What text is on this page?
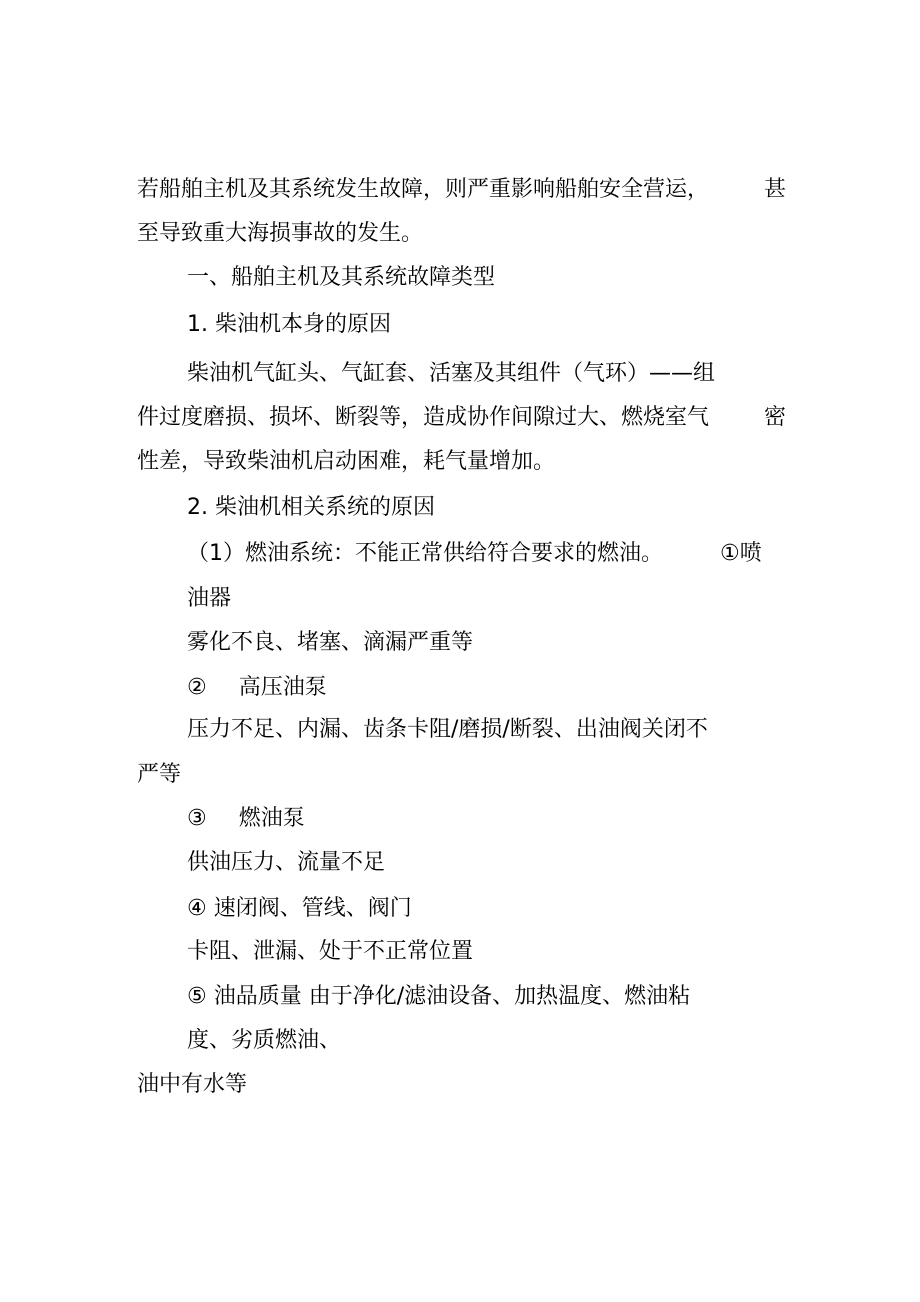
若船舶主机及其系统发生故障，则严重影响船舶安全营运， 甚

至导致重大海损事故的发生。

一、船舶主机及其系统故障类型

1. 柴油机本身的原因

柴油机气缸头、气缸套、活塞及其组件（气环）——组

件过度磨损、损坏、断裂等，造成协作间隙过大、燃烧室气 密

性差，导致柴油机启动困难，耗气量增加。

2. 柴油机相关系统的原因

（1）燃油系统：不能正常供给符合要求的燃油。	①喷

油器

雾化不良、堵塞、滴漏严重等

② 高压油泵

压力不足、内漏、齿条卡阻/磨损/断裂、出油阀关闭不

严等

③ 燃油泵

供油压力、流量不足

④ 速闭阀、管线、阀门

卡阻、泄漏、处于不正常位置

⑤ 油品质量 由于净化/滤油设备、加热温度、燃油粘

度、劣质燃油、

油中有水等
